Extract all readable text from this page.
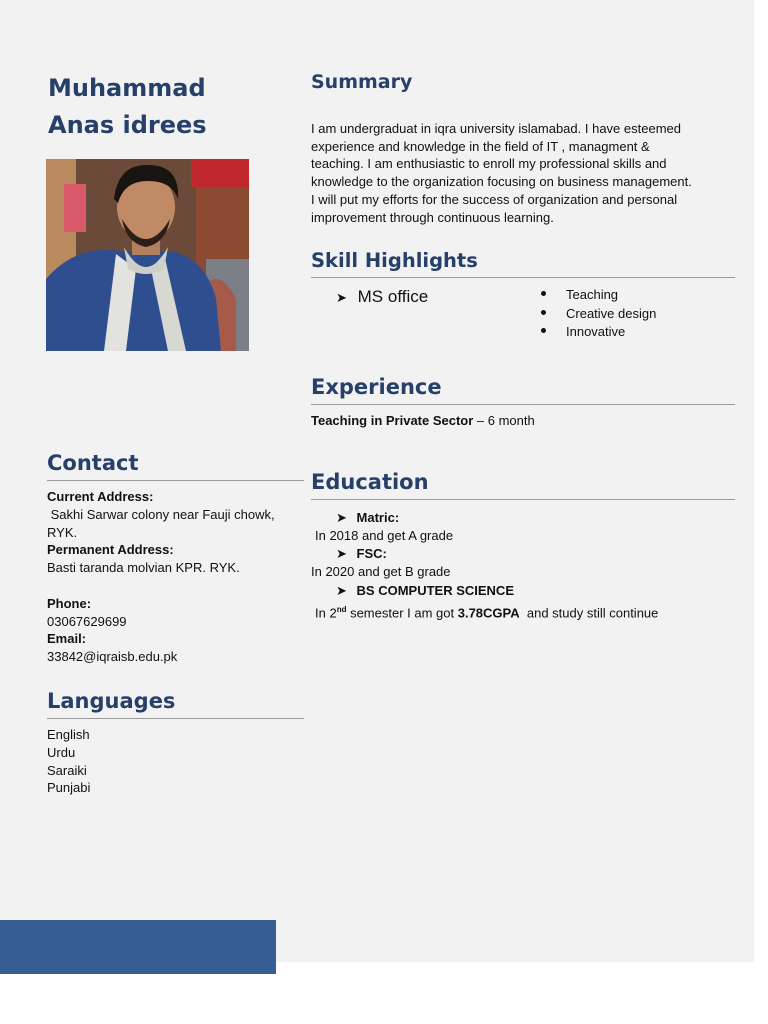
Muhammad
Anas idrees
Summary

I am undergraduat in iqra university islamabad. I have esteemed
experience and knowledge in the field of IT , managment &
teaching. I am enthusiastic to enroll my professional skills and
knowledge to the organization focusing on business management.
I will put my efforts for the success of organization and personal
improvement through continuous learning.

Skill Highlights
➤ MS office	Teaching
Creative design
Innovative
Experience
Teaching in Private Sector – 6 month
Education
➤ Matric:
In 2018 and get A grade
➤ FSC:
In 2020 and get B grade
➤ BS COMPUTER SCIENCE
In 2nd semester I am got 3.78CGPA  and study still continue
Contact
Current Address:
Sakhi Sarwar colony near Fauji chowk,
RYK.
Permanent Address:
Basti taranda molvian KPR. RYK.
Phone:
03067629699
Email:
33842@iqraisb.edu.pk
Languages
English
Urdu
Saraiki
Punjabi
